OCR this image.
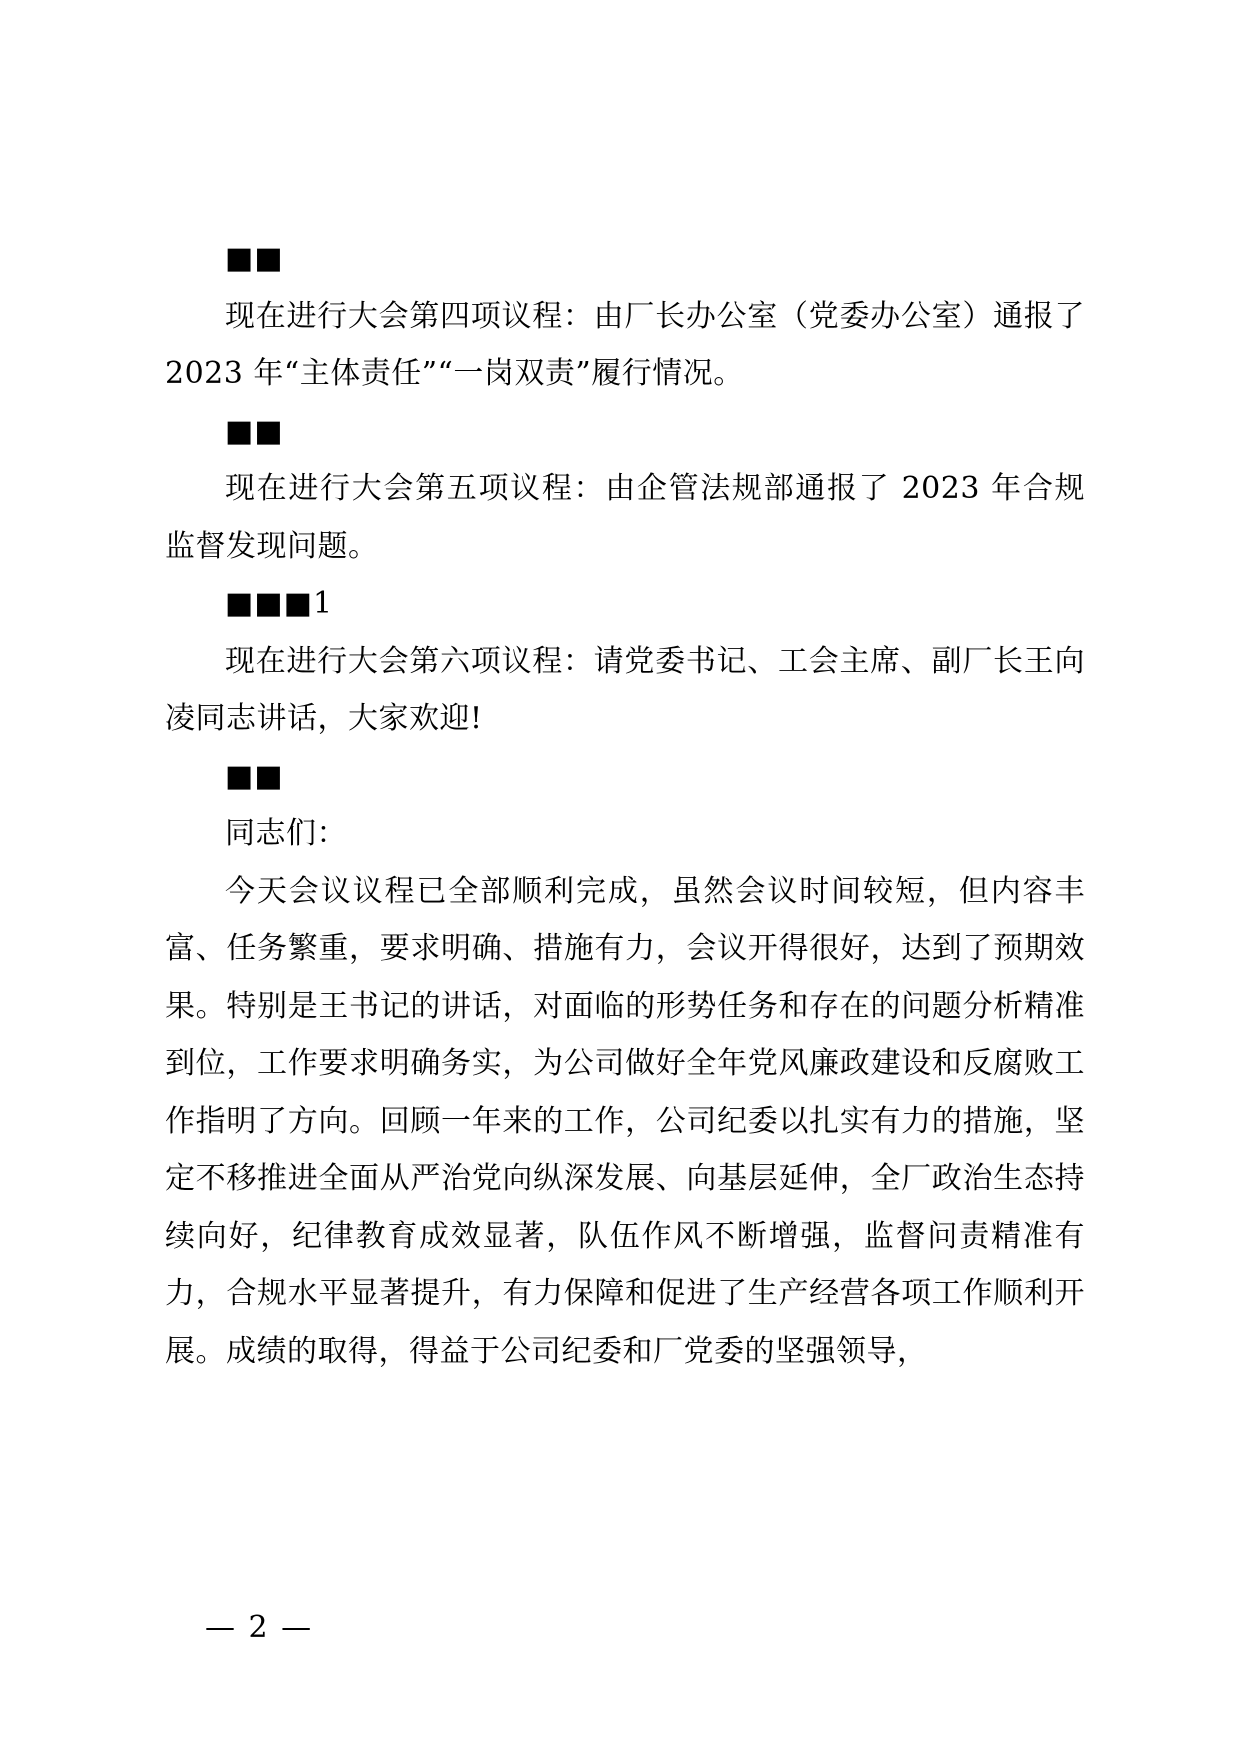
■■

现在进行大会第四项议程：由厂长办公室（党委办公室）通报了 2023 年“主体责任”“一岗双责”履行情况。

■■

现在进行大会第五项议程：由企管法规部通报了 2023 年合规监督发现问题。

■■■1

现在进行大会第六项议程：请党委书记、工会主席、副厂长王向凌同志讲话，大家欢迎!

■■

同志们：

今天会议议程已全部顺利完成，虽然会议时间较短，但内容丰富、任务繁重，要求明确、措施有力，会议开得很好，达到了预期效果。特别是王书记的讲话，对面临的形势任务和存在的问题分析精准到位，工作要求明确务实，为公司做好全年党风廉政建设和反腐败工作指明了方向。回顾一年来的工作，公司纪委以扎实有力的措施，坚定不移推进全面从严治党向纵深发展、向基层延伸，全厂政治生态持续向好，纪律教育成效显著，队伍作风不断增强，监督问责精准有力，合规水平显著提升，有力保障和促进了生产经营各项工作顺利开展。成绩的取得，得益于公司纪委和厂党委的坚强领导，

— 2 —
